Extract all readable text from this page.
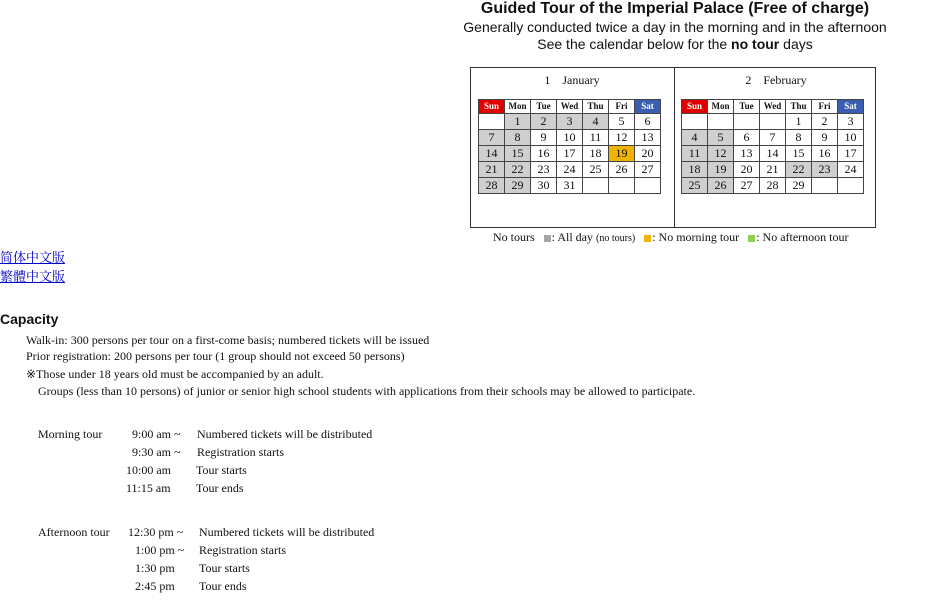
Guided Tour of the Imperial Palace (Free of charge)
Generally conducted twice a day in the morning and in the afternoon
See the calendar below for the no tour days
1　January	2　February
Sun	Mon	Tue	Wed	Thu	Fri	Sat
	1	2	3	4	5	6
7	8	9	10	11	12	13
14	15	16	17	18	19	20
21	22	23	24	25	26	27
28	29	30	31			
Sun	Mon	Tue	Wed	Thu	Fri	Sat
				1	2	3
4	5	6	7	8	9	10
11	12	13	14	15	16	17
18	19	20	21	22	23	24
25	26	27	28	29		
No tours : All day (no tours) : No morning tour : No afternoon tour
简体中文版
繁體中文版
Capacity
Walk-in: 300 persons per tour on a first-come basis; numbered tickets will be issued
Prior registration: 200 persons per tour (1 group should not exceed 50 persons)
※Those under 18 years old must be accompanied by an adult.
Groups (less than 10 persons) of junior or senior high school students with applications from their schools may be allowed to participate.
Morning tour 9:00 am ~ Numbered tickets will be distributed
9:30 am ~ Registration starts
10:00 am Tour starts
11:15 am Tour ends
Afternoon tour 12:30 pm ~ Numbered tickets will be distributed
1:00 pm ~ Registration starts
1:30 pm Tour starts
2:45 pm Tour ends
